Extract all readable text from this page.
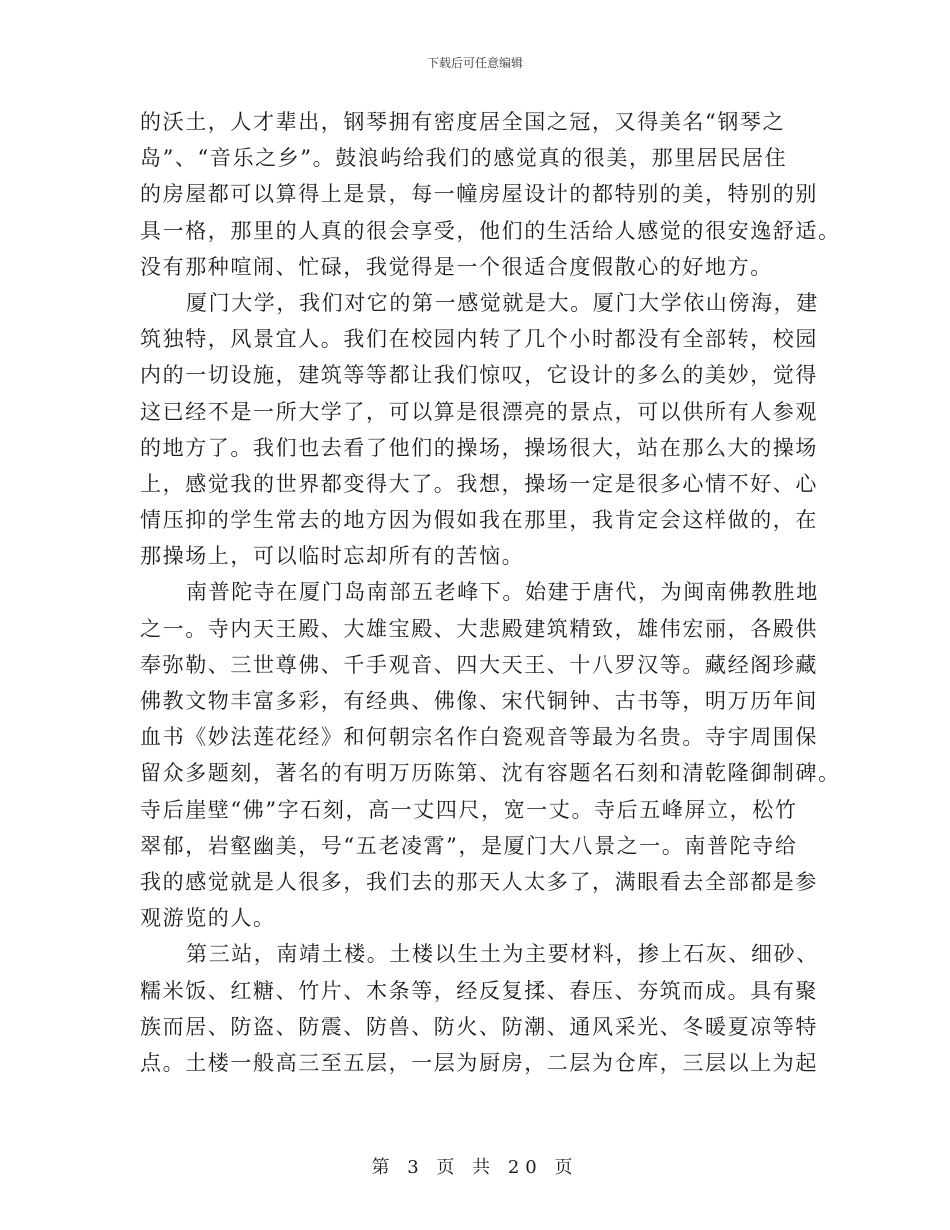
下载后可任意编辑
的沃土，人才辈出，钢琴拥有密度居全国之冠，又得美名“钢琴之
岛”、“音乐之乡”。鼓浪屿给我们的感觉真的很美，那里居民居住
的房屋都可以算得上是景，每一幢房屋设计的都特别的美，特别的别
具一格，那里的人真的很会享受，他们的生活给人感觉的很安逸舒适。
没有那种喧闹、忙碌，我觉得是一个很适合度假散心的好地方。
厦门大学，我们对它的第一感觉就是大。厦门大学依山傍海，建
筑独特，风景宜人。我们在校园内转了几个小时都没有全部转，校园
内的一切设施，建筑等等都让我们惊叹，它设计的多么的美妙，觉得
这已经不是一所大学了，可以算是很漂亮的景点，可以供所有人参观
的地方了。我们也去看了他们的操场，操场很大，站在那么大的操场
上，感觉我的世界都变得大了。我想，操场一定是很多心情不好、心
情压抑的学生常去的地方因为假如我在那里，我肯定会这样做的，在
那操场上，可以临时忘却所有的苦恼。
南普陀寺在厦门岛南部五老峰下。始建于唐代，为闽南佛教胜地
之一。寺内天王殿、大雄宝殿、大悲殿建筑精致，雄伟宏丽，各殿供
奉弥勒、三世尊佛、千手观音、四大天王、十八罗汉等。藏经阁珍藏
佛教文物丰富多彩，有经典、佛像、宋代铜钟、古书等，明万历年间
血书《妙法莲花经》和何朝宗名作白瓷观音等最为名贵。寺宇周围保
留众多题刻，著名的有明万历陈第、沈有容题名石刻和清乾隆御制碑。
寺后崖壁“佛”字石刻，高一丈四尺，宽一丈。寺后五峰屏立，松竹
翠郁，岩壑幽美，号“五老凌霄”，是厦门大八景之一。南普陀寺给
我的感觉就是人很多，我们去的那天人太多了，满眼看去全部都是参
观游览的人。
第三站，南靖土楼。土楼以生土为主要材料，掺上石灰、细砂、
糯米饭、红糖、竹片、木条等，经反复揉、舂压、夯筑而成。具有聚
族而居、防盗、防震、防兽、防火、防潮、通风采光、冬暖夏凉等特
点。土楼一般高三至五层，一层为厨房，二层为仓库，三层以上为起
第 3 页 共 20 页
